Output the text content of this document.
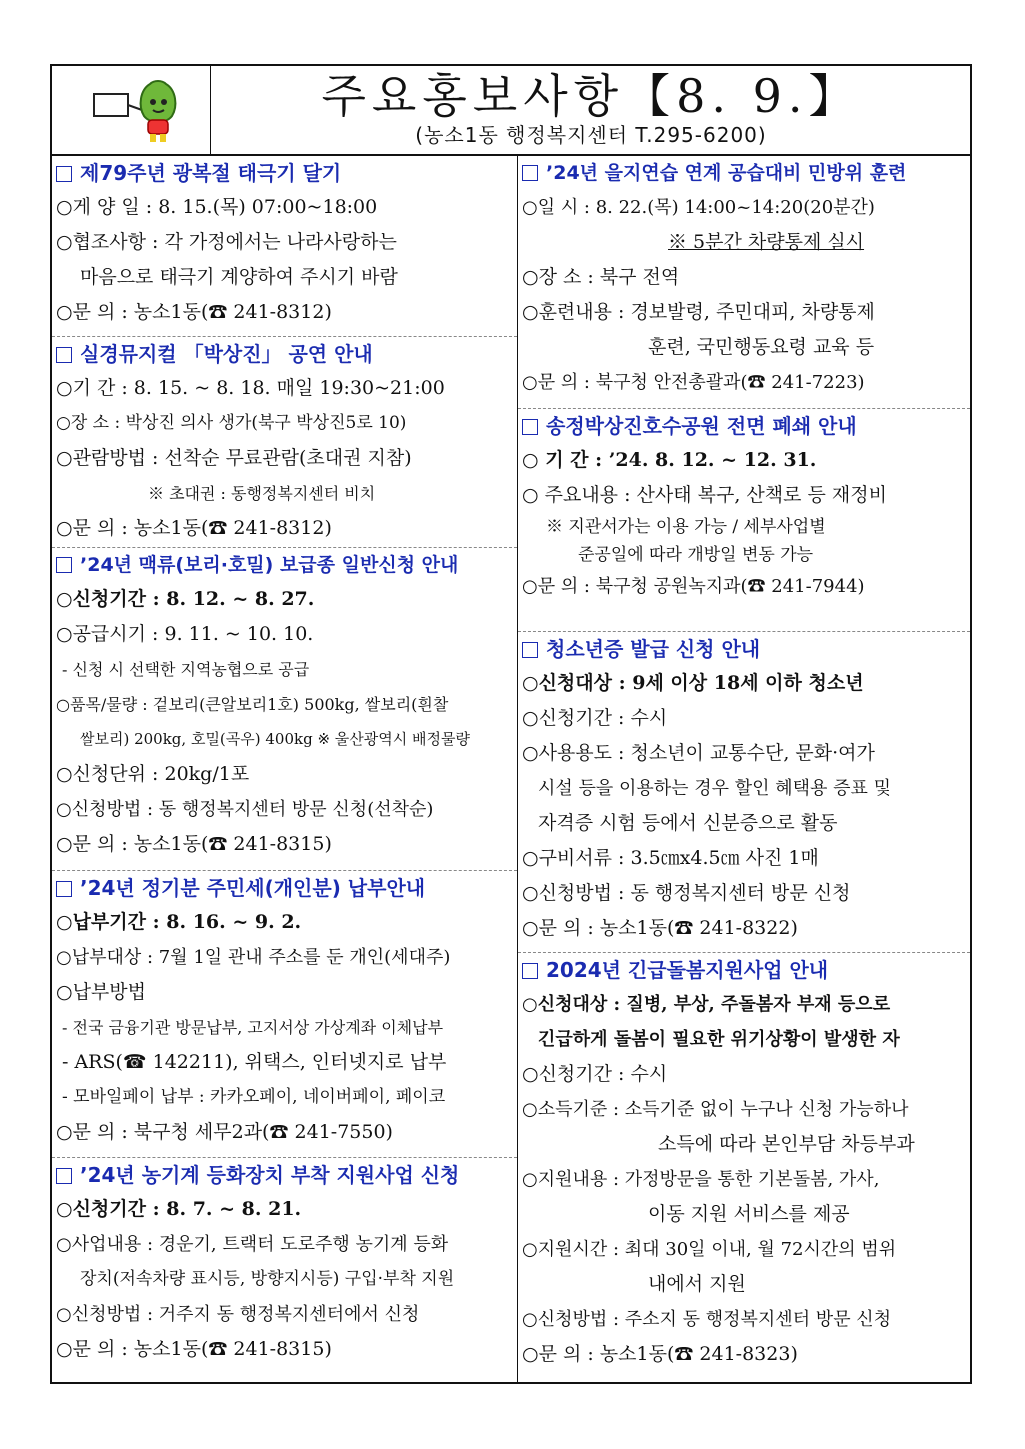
주요홍보사항【8. 9.】
(농소1동 행정복지센터 T.295-6200)
제79주년 광복절 태극기 달기
○게 양 일 : 8. 15.(목) 07:00~18:00
○협조사항 : 각 가정에서는 나라사랑하는
마음으로 태극기 계양하여 주시기 바람
○문 의 : 농소1동(☎ 241-8312)
실경뮤지컬 「박상진」 공연 안내
○기 간 : 8. 15. ~ 8. 18. 매일 19:30~21:00
○장 소 : 박상진 의사 생가(북구 박상진5로 10)
○관람방법 : 선착순 무료관람(초대권 지참)
※ 초대권 : 동행정복지센터 비치
○문 의 : 농소1동(☎ 241-8312)
’24년 맥류(보리·호밀) 보급종 일반신청 안내
○신청기간 : 8. 12. ~ 8. 27.
○공급시기 : 9. 11. ~ 10. 10.
- 신청 시 선택한 지역농협으로 공급
○품목/물량 : 겉보리(큰알보리1호) 500kg, 쌀보리(흰찰
쌀보리) 200kg, 호밀(곡우) 400kg ※ 울산광역시 배정물량
○신청단위 : 20kg/1포
○신청방법 : 동 행정복지센터 방문 신청(선착순)
○문 의 : 농소1동(☎ 241-8315)
’24년 정기분 주민세(개인분) 납부안내
○납부기간 : 8. 16. ~ 9. 2.
○납부대상 : 7월 1일 관내 주소를 둔 개인(세대주)
○납부방법
- 전국 금융기관 방문납부, 고지서상 가상계좌 이체납부
- ARS(☎ 142211), 위택스, 인터넷지로 납부
- 모바일페이 납부 : 카카오페이, 네이버페이, 페이코
○문 의 : 북구청 세무2과(☎ 241-7550)
’24년 농기계 등화장치 부착 지원사업 신청
○신청기간 : 8. 7. ~ 8. 21.
○사업내용 : 경운기, 트랙터 도로주행 농기계 등화
장치(저속차량 표시등, 방향지시등) 구입·부착 지원
○신청방법 : 거주지 동 행정복지센터에서 신청
○문 의 : 농소1동(☎ 241-8315)
’24년 을지연습 연계 공습대비 민방위 훈련
○일 시 : 8. 22.(목) 14:00~14:20(20분간)
※ 5분간 차량통제 실시
○장 소 : 북구 전역
○훈련내용 : 경보발령, 주민대피, 차량통제
훈련, 국민행동요령 교육 등
○문 의 : 북구청 안전총괄과(☎ 241-7223)
송정박상진호수공원 전면 폐쇄 안내
○ 기 간 : ’24. 8. 12. ~ 12. 31.
○ 주요내용 : 산사태 복구, 산책로 등 재정비
※ 지관서가는 이용 가능 / 세부사업별
준공일에 따라 개방일 변동 가능
○문 의 : 북구청 공원녹지과(☎ 241-7944)
청소년증 발급 신청 안내
○신청대상 : 9세 이상 18세 이하 청소년
○신청기간 : 수시
○사용용도 : 청소년이 교통수단, 문화·여가
시설 등을 이용하는 경우 할인 혜택용 증표 및
자격증 시험 등에서 신분증으로 활동
○구비서류 : 3.5㎝x4.5㎝ 사진 1매
○신청방법 : 동 행정복지센터 방문 신청
○문 의 : 농소1동(☎ 241-8322)
2024년 긴급돌봄지원사업 안내
○신청대상 : 질병, 부상, 주돌봄자 부재 등으로
긴급하게 돌봄이 필요한 위기상황이 발생한 자
○신청기간 : 수시
○소득기준 : 소득기준 없이 누구나 신청 가능하나
소득에 따라 본인부담 차등부과
○지원내용 : 가정방문을 통한 기본돌봄, 가사,
이동 지원 서비스를 제공
○지원시간 : 최대 30일 이내, 월 72시간의 범위
내에서 지원
○신청방법 : 주소지 동 행정복지센터 방문 신청
○문 의 : 농소1동(☎ 241-8323)
